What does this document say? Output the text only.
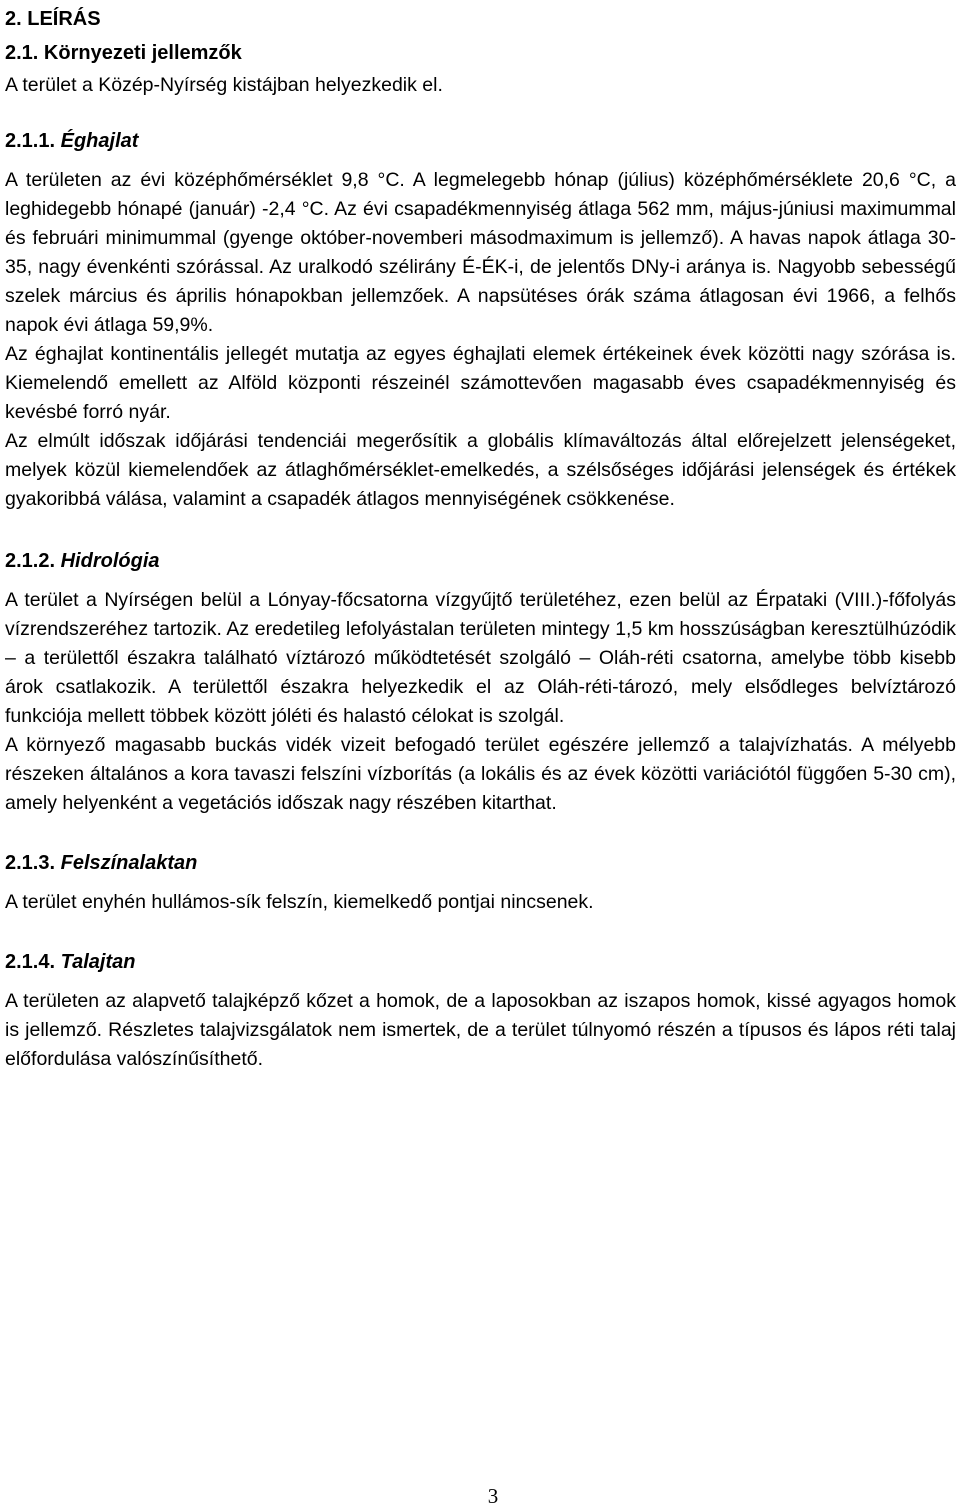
2. LEÍRÁS
2.1. Környezeti jellemzők

A terület a Közép-Nyírség kistájban helyezkedik el.

2.1.1. Éghajlat

A területen az évi középhőmérséklet 9,8 °C. A legmelegebb hónap (július) középhőmérséklete 20,6 °C, a leghidegebb hónapé (január) -2,4 °C. Az évi csapadékmennyiség átlaga 562 mm, május-júniusi maximummal és februári minimummal (gyenge október-novemberi másodmaximum is jellemző). A havas napok átlaga 30-35, nagy évenkénti szórással. Az uralkodó szélirány É-ÉK-i, de jelentős DNy-i aránya is. Nagyobb sebességű szelek március és április hónapokban jellemzőek. A napsütéses órák száma átlagosan évi 1966, a felhős napok évi átlaga 59,9%.

Az éghajlat kontinentális jellegét mutatja az egyes éghajlati elemek értékeinek évek közötti nagy szórása is. Kiemelendő emellett az Alföld központi részeinél számottevően magasabb éves csapadékmennyiség és kevésbé forró nyár.

Az elmúlt időszak időjárási tendenciái megerősítik a globális klímaváltozás által előrejelzett jelenségeket, melyek közül kiemelendőek az átlaghőmérséklet-emelkedés, a szélsőséges időjárási jelenségek és értékek gyakoribbá válása, valamint a csapadék átlagos mennyiségének csökkenése.

2.1.2. Hidrológia

A terület a Nyírségen belül a Lónyay-főcsatorna vízgyűjtő területéhez, ezen belül az Érpataki (VIII.)-főfolyás vízrendszeréhez tartozik. Az eredetileg lefolyástalan területen mintegy 1,5 km hosszúságban keresztülhúzódik – a területtől északra található víztározó működtetését szolgáló – Oláh-réti csatorna, amelybe több kisebb árok csatlakozik. A területtől északra helyezkedik el az Oláh-réti-tározó, mely elsődleges belvíztározó funkciója mellett többek között jóléti és halastó célokat is szolgál.

A környező magasabb buckás vidék vizeit befogadó terület egészére jellemző a talajvízhatás. A mélyebb részeken általános a kora tavaszi felszíni vízborítás (a lokális és az évek közötti variációtól függően 5-30 cm), amely helyenként a vegetációs időszak nagy részében kitarthat.

2.1.3. Felszínalaktan

A terület enyhén hullámos-sík felszín, kiemelkedő pontjai nincsenek.

2.1.4. Talajtan

A területen az alapvető talajképző kőzet a homok, de a laposokban az iszapos homok, kissé agyagos homok is jellemző. Részletes talajvizsgálatok nem ismertek, de a terület túlnyomó részén a típusos és lápos réti talaj előfordulása valószínűsíthető.

3
